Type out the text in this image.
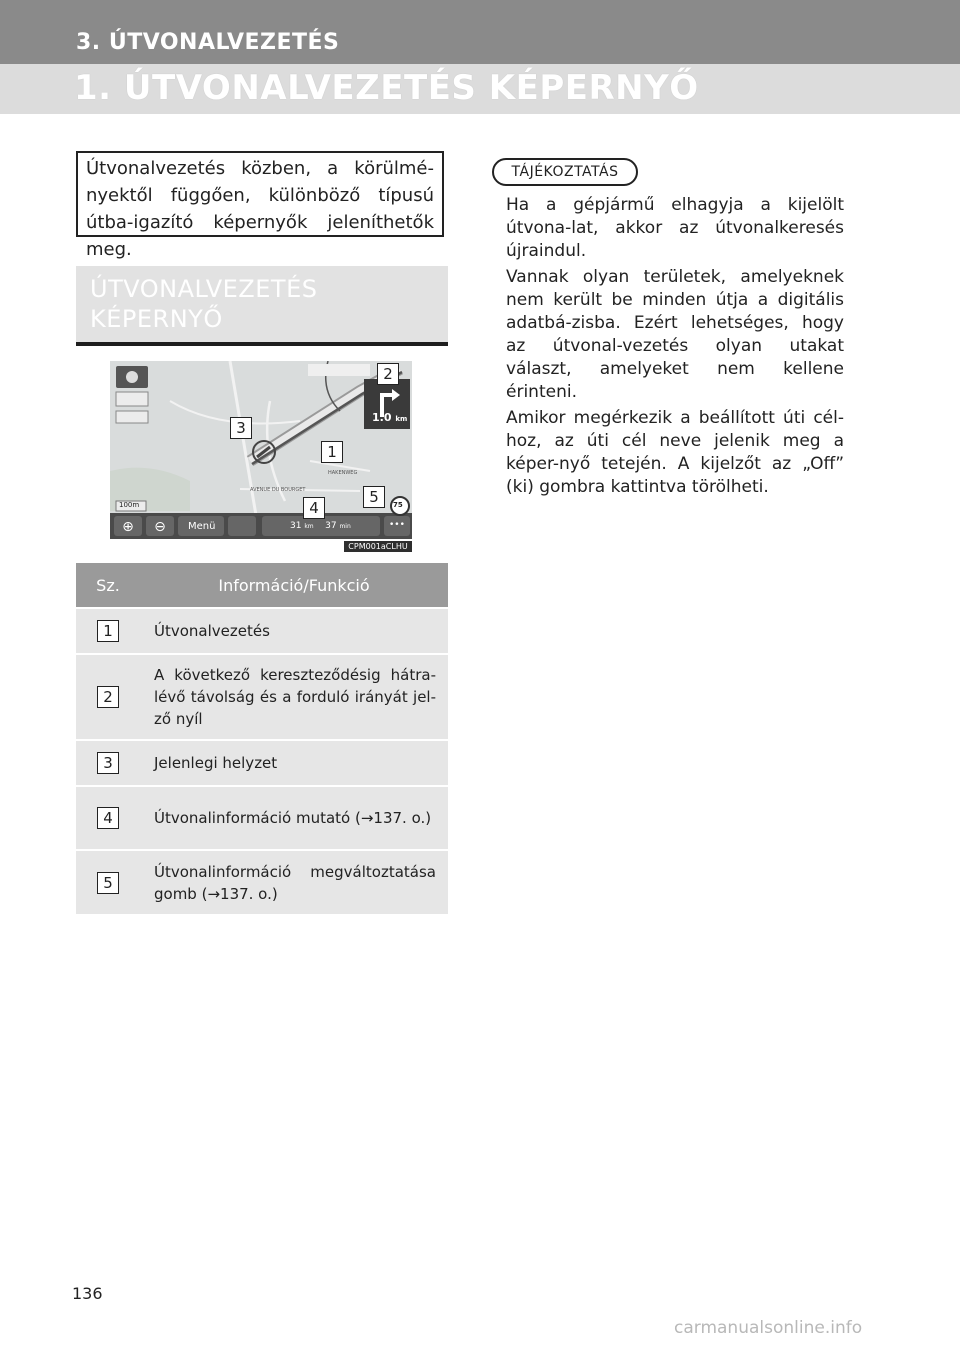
3. ÚTVONALVEZETÉS
1. ÚTVONALVEZETÉS KÉPERNYŐ

Útvonalvezetés közben, a körülmé-nyektől függően, különböző típusú útba-igazító képernyők jeleníthetők meg.

ÚTVONALVEZETÉS
KÉPERNYŐ
⊕ ⊖
1.0 km
100m	75
HAKENWEG
AVENUE DU BOURGET
Menü	31 km 37 min	•••
CPM001aCLHU
2
3
1
5
4
Sz.	Információ/Funkció
1	Útvonalvezetés
2	A következő kereszteződésig hátra-lévő távolság és a forduló irányát jel-ző nyíl
3	Jelenlegi helyzet
4	Útvonalinformáció mutató (→137. o.)
5	Útvonalinformáció megváltoztatása gomb (→137. o.)
TÁJÉKOZTATÁS

Ha a gépjármű elhagyja a kijelölt útvona-lat, akkor az útvonalkeresés újraindul.

Vannak olyan területek, amelyeknek nem került be minden útja a digitális adatbá-zisba. Ezért lehetséges, hogy az útvonal-vezetés olyan utakat választ, amelyeket nem kellene érinteni.

Amikor megérkezik a beállított úti cél-hoz, az úti cél neve jelenik meg a képer-nyő tetején. A kijelzőt az „Off” (ki) gombra kattintva törölheti.

136
carmanualsonline.info
